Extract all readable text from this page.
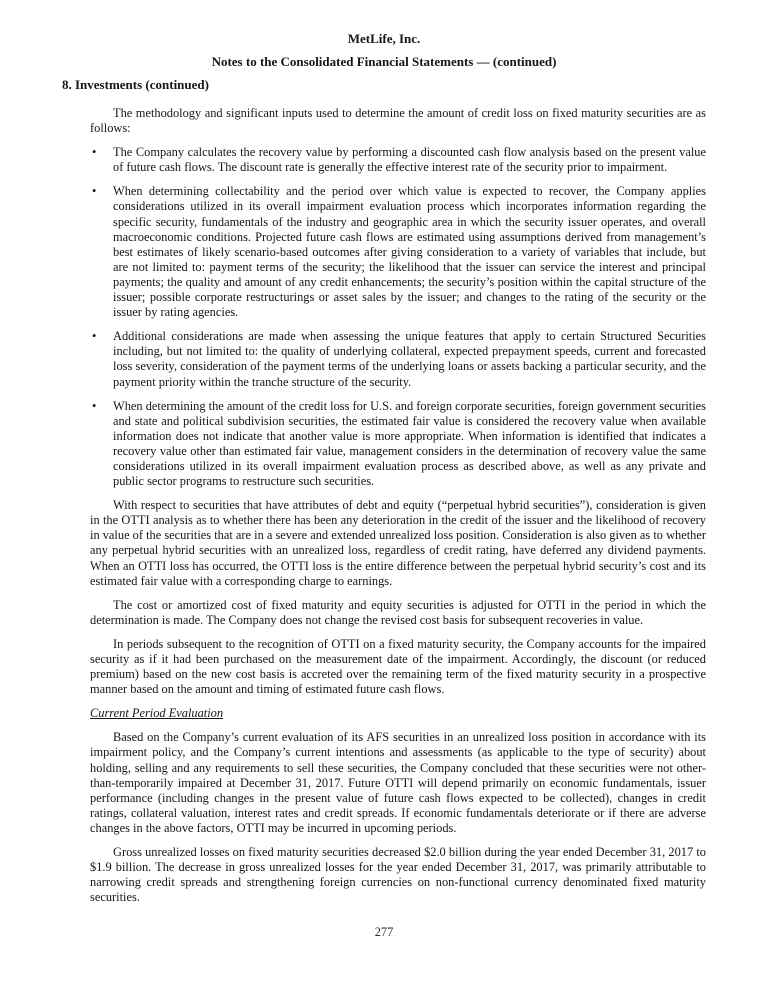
MetLife, Inc.
Notes to the Consolidated Financial Statements — (continued)
8. Investments (continued)

The methodology and significant inputs used to determine the amount of credit loss on fixed maturity securities are as follows:

• The Company calculates the recovery value by performing a discounted cash flow analysis based on the present value of future cash flows. The discount rate is generally the effective interest rate of the security prior to impairment.
• When determining collectability and the period over which value is expected to recover, the Company applies considerations utilized in its overall impairment evaluation process which incorporates information regarding the specific security, fundamentals of the industry and geographic area in which the security issuer operates, and overall macroeconomic conditions. Projected future cash flows are estimated using assumptions derived from management’s best estimates of likely scenario-based outcomes after giving consideration to a variety of variables that include, but are not limited to: payment terms of the security; the likelihood that the issuer can service the interest and principal payments; the quality and amount of any credit enhancements; the security’s position within the capital structure of the issuer; possible corporate restructurings or asset sales by the issuer; and changes to the rating of the security or the issuer by rating agencies.
• Additional considerations are made when assessing the unique features that apply to certain Structured Securities including, but not limited to: the quality of underlying collateral, expected prepayment speeds, current and forecasted loss severity, consideration of the payment terms of the underlying loans or assets backing a particular security, and the payment priority within the tranche structure of the security.
• When determining the amount of the credit loss for U.S. and foreign corporate securities, foreign government securities and state and political subdivision securities, the estimated fair value is considered the recovery value when available information does not indicate that another value is more appropriate. When information is identified that indicates a recovery value other than estimated fair value, management considers in the determination of recovery value the same considerations utilized in its overall impairment evaluation process as described above, as well as any private and public sector programs to restructure such securities.

With respect to securities that have attributes of debt and equity (“perpetual hybrid securities”), consideration is given in the OTTI analysis as to whether there has been any deterioration in the credit of the issuer and the likelihood of recovery in value of the securities that are in a severe and extended unrealized loss position. Consideration is also given as to whether any perpetual hybrid securities with an unrealized loss, regardless of credit rating, have deferred any dividend payments. When an OTTI loss has occurred, the OTTI loss is the entire difference between the perpetual hybrid security’s cost and its estimated fair value with a corresponding charge to earnings.

The cost or amortized cost of fixed maturity and equity securities is adjusted for OTTI in the period in which the determination is made. The Company does not change the revised cost basis for subsequent recoveries in value.

In periods subsequent to the recognition of OTTI on a fixed maturity security, the Company accounts for the impaired security as if it had been purchased on the measurement date of the impairment. Accordingly, the discount (or reduced premium) based on the new cost basis is accreted over the remaining term of the fixed maturity security in a prospective manner based on the amount and timing of estimated future cash flows.

Current Period Evaluation

Based on the Company’s current evaluation of its AFS securities in an unrealized loss position in accordance with its impairment policy, and the Company’s current intentions and assessments (as applicable to the type of security) about holding, selling and any requirements to sell these securities, the Company concluded that these securities were not other-than-temporarily impaired at December 31, 2017. Future OTTI will depend primarily on economic fundamentals, issuer performance (including changes in the present value of future cash flows expected to be collected), changes in credit ratings, collateral valuation, interest rates and credit spreads. If economic fundamentals deteriorate or if there are adverse changes in the above factors, OTTI may be incurred in upcoming periods.

Gross unrealized losses on fixed maturity securities decreased $2.0 billion during the year ended December 31, 2017 to $1.9 billion. The decrease in gross unrealized losses for the year ended December 31, 2017, was primarily attributable to narrowing credit spreads and strengthening foreign currencies on non-functional currency denominated fixed maturity securities.

277
